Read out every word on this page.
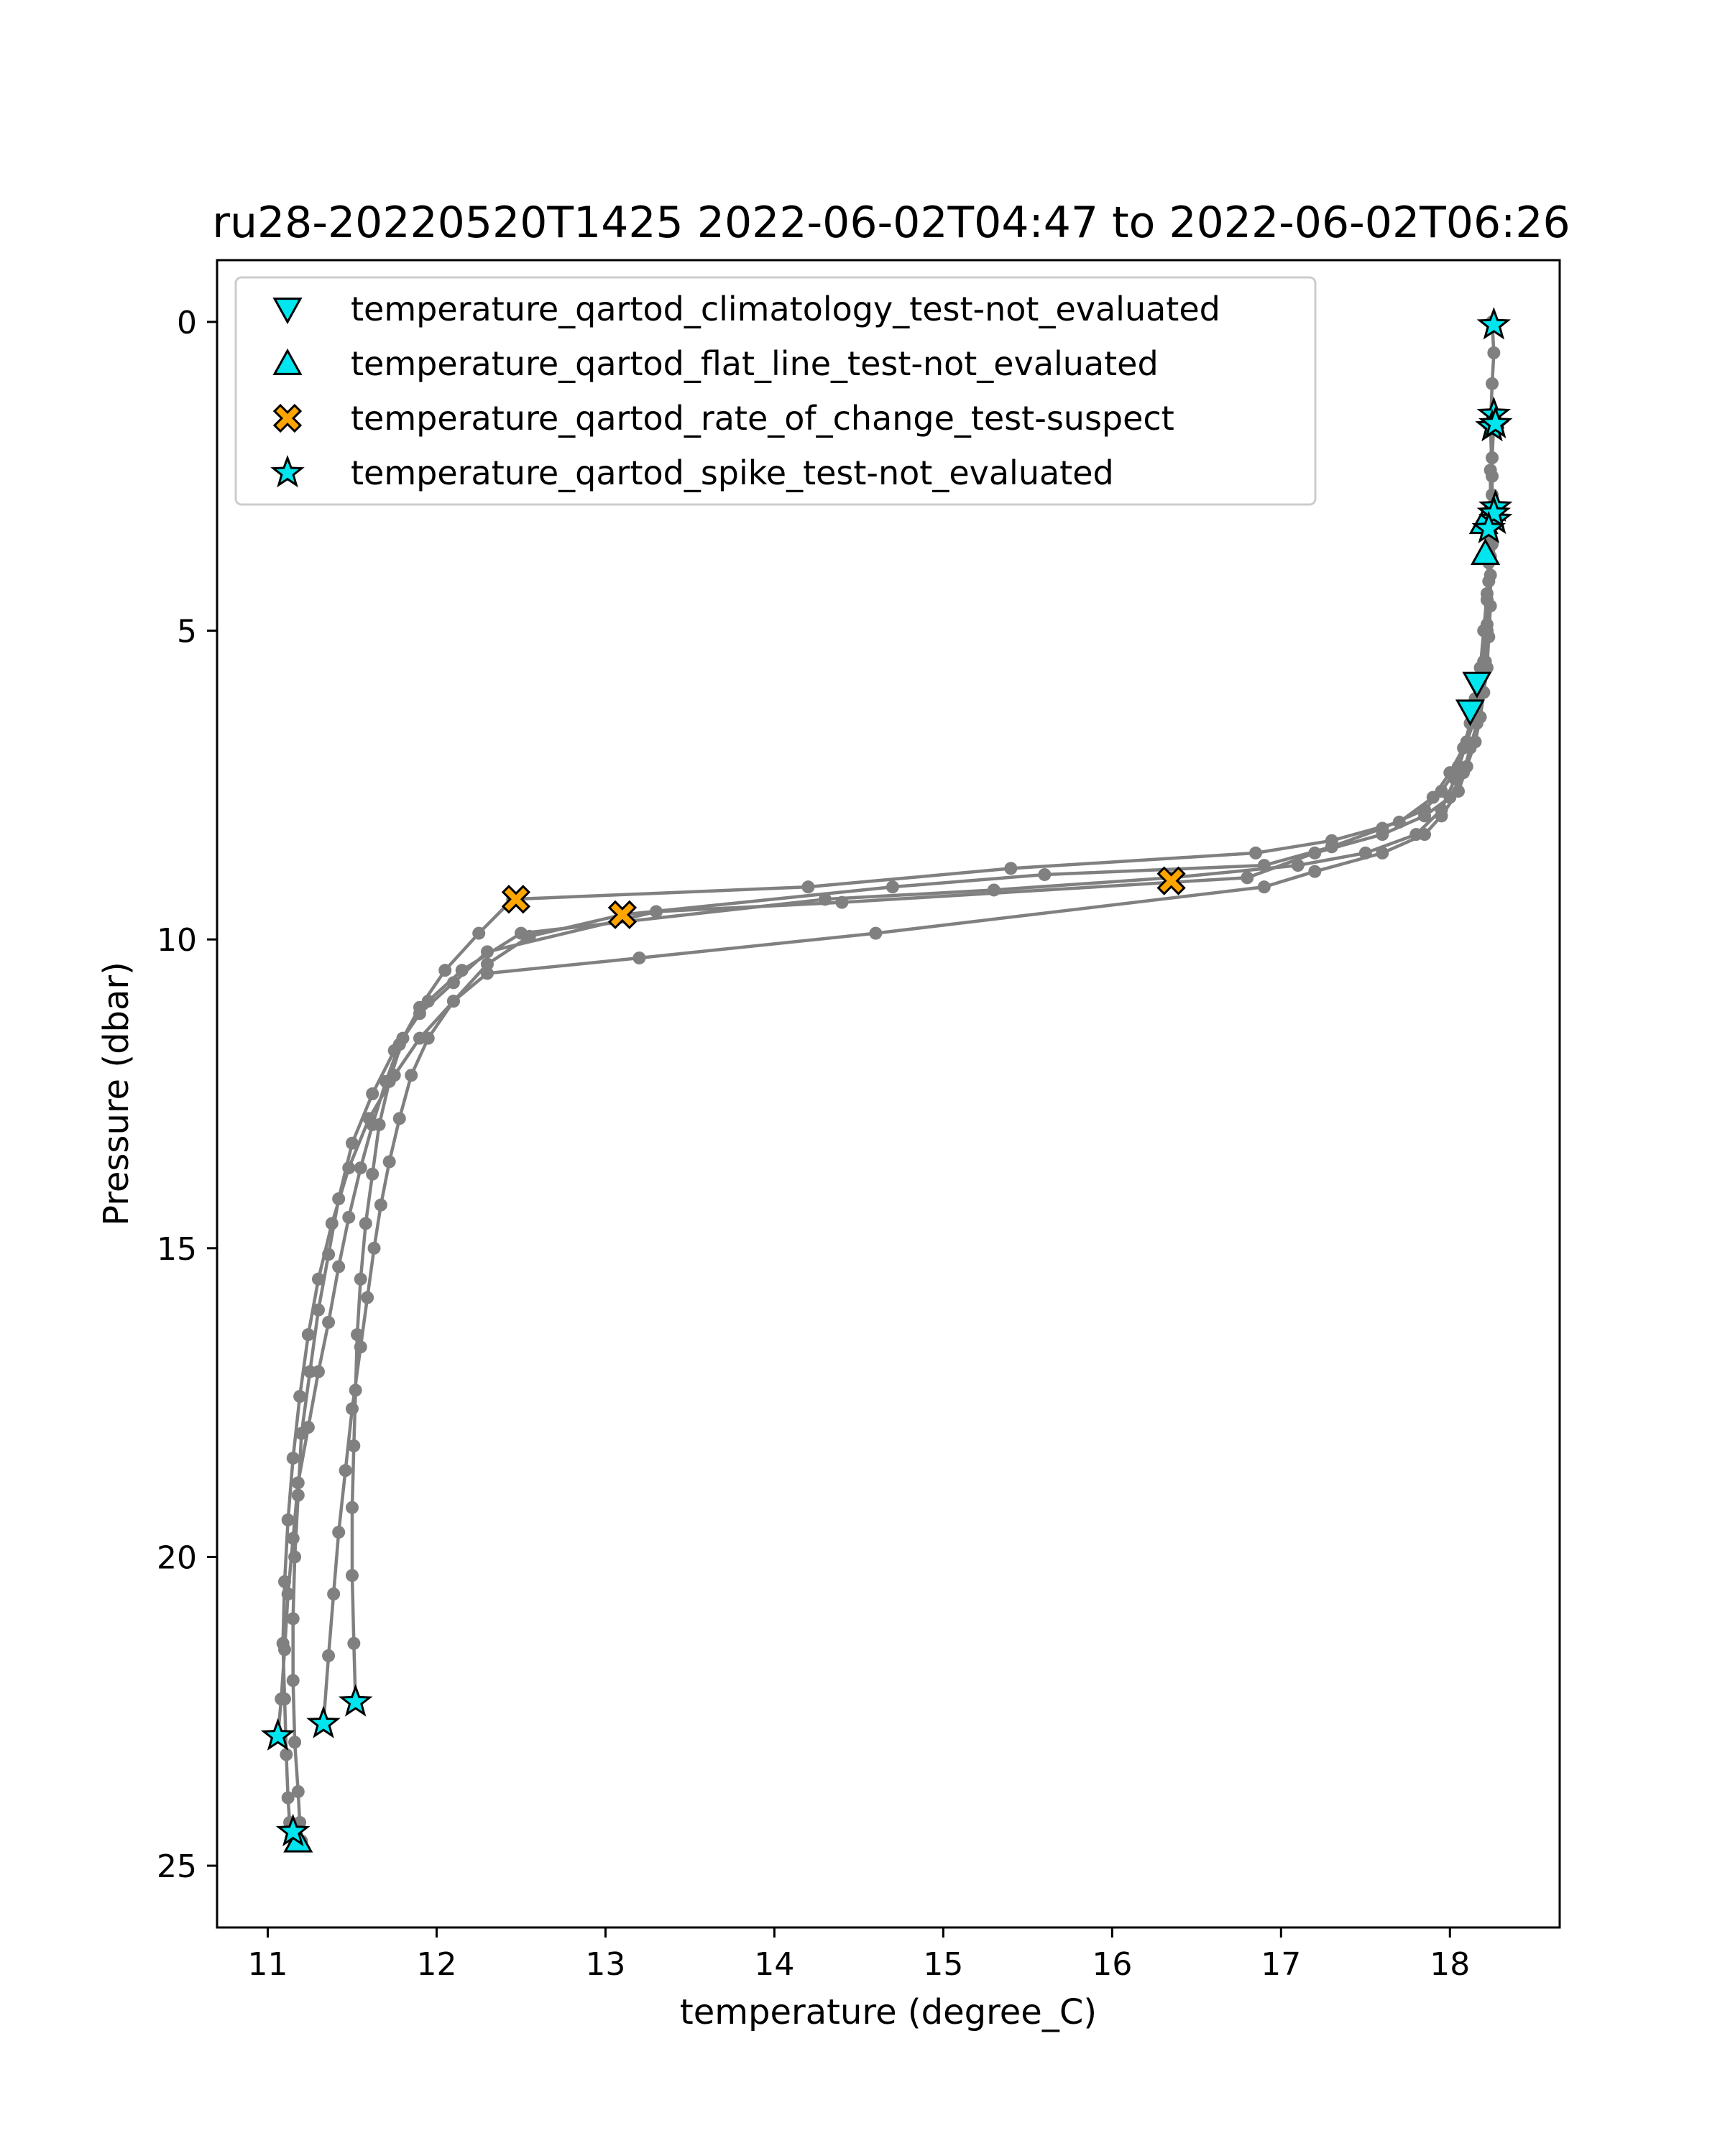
ru28-20220520T1425 2022-06-02T04:47 to 2022-06-02T06:26
11	12	13	14	15	16	17	18
0
5
10
15
20
25
temperature (degree_C)
Pressure (dbar)
temperature_qartod_climatology_test-not_evaluated
temperature_qartod_flat_line_test-not_evaluated
temperature_qartod_rate_of_change_test-suspect
temperature_qartod_spike_test-not_evaluated
